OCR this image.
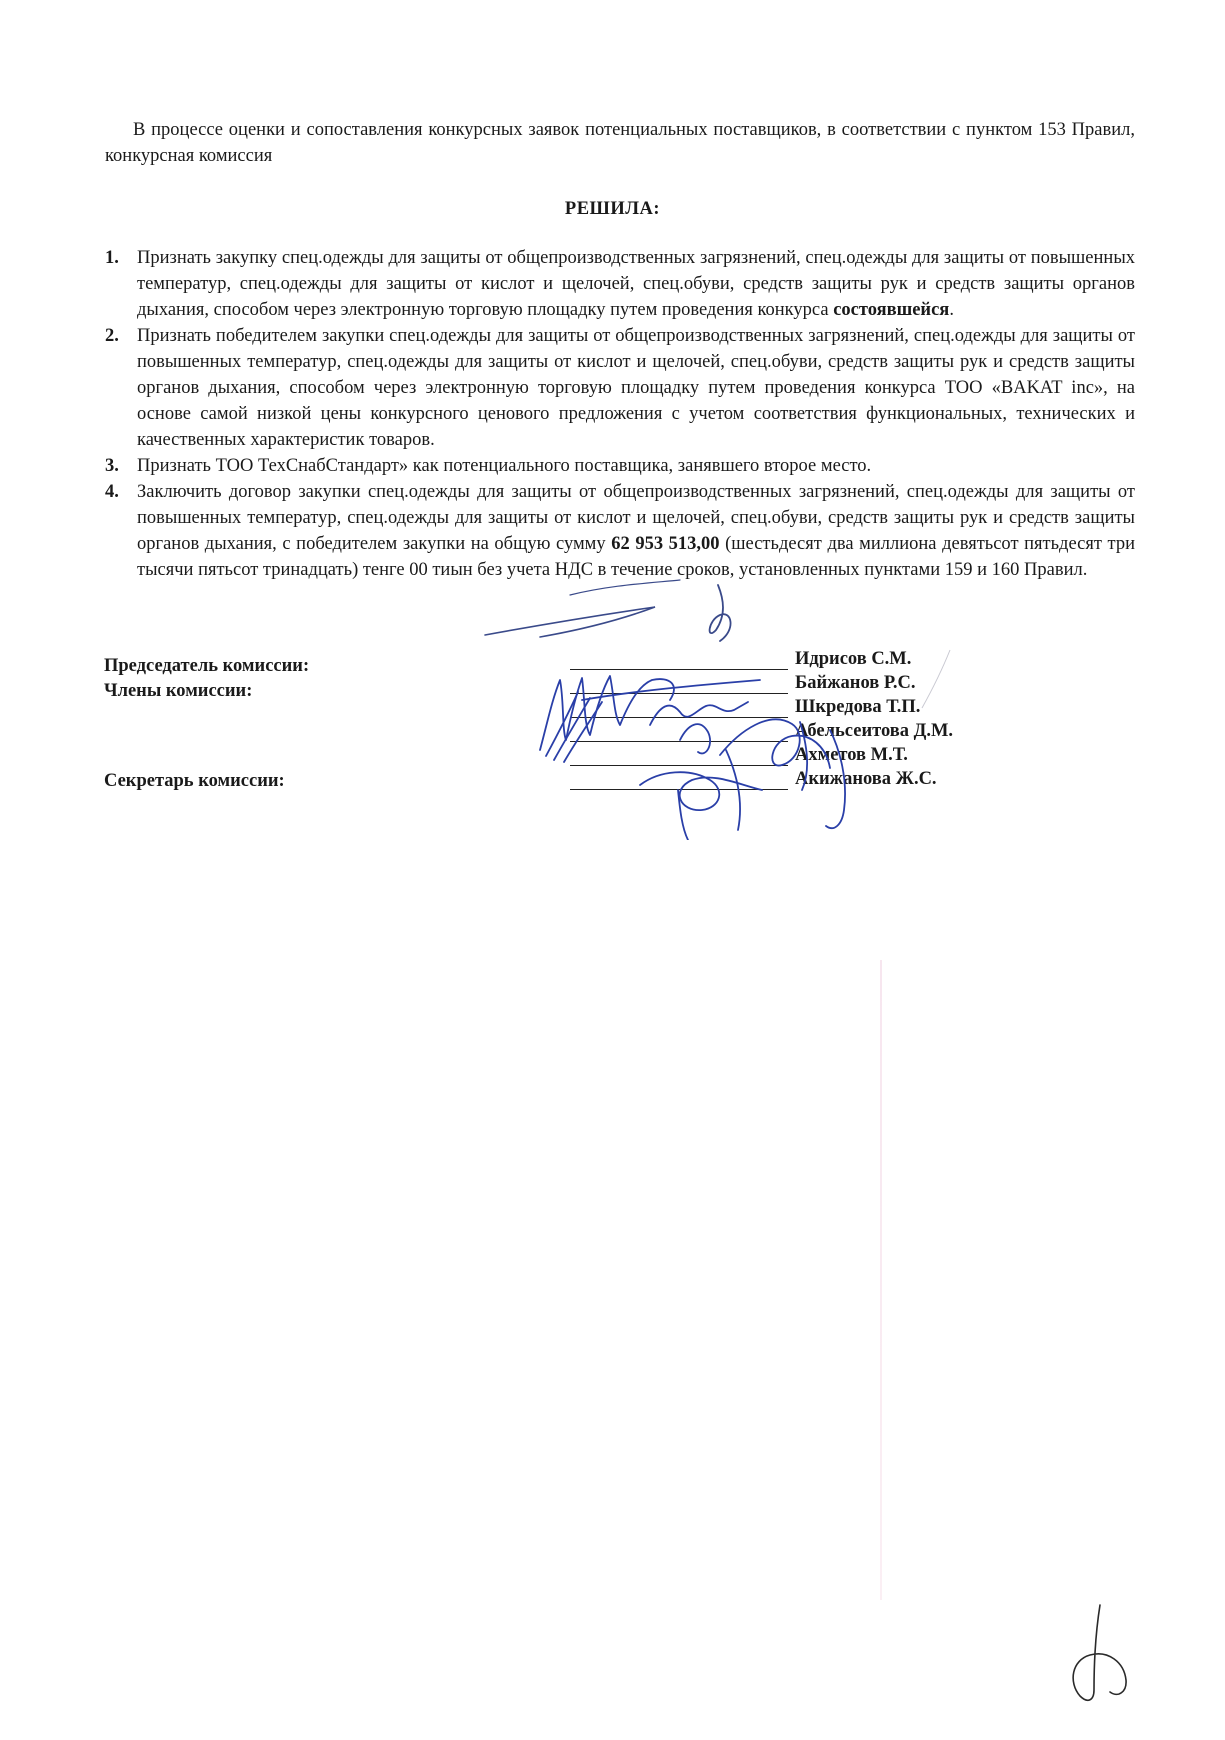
В процессе оценки и сопоставления конкурсных заявок потенциальных поставщиков, в соответствии с пунктом 153 Правил, конкурсная комиссия

РЕШИЛА:

1. Признать закупку спец.одежды для защиты от общепроизводственных загрязнений, спец.одежды для защиты от повышенных температур, спец.одежды для защиты от кислот и щелочей, спец.обуви, средств защиты рук и средств защиты органов дыхания, способом через электронную торговую площадку путем проведения конкурса состоявшейся.
2. Признать победителем закупки спец.одежды для защиты от общепроизводственных загрязнений, спец.одежды для защиты от повышенных температур, спец.одежды для защиты от кислот и щелочей, спец.обуви, средств защиты рук и средств защиты органов дыхания, способом через электронную торговую площадку путем проведения конкурса ТОО «BAKAT inc», на основе самой низкой цены конкурсного ценового предложения с учетом соответствия функциональных, технических и качественных характеристик товаров.
3. Признать ТОО ТехСнабСтандарт» как потенциального поставщика, занявшего второе место.
4. Заключить договор закупки спец.одежды для защиты от общепроизводственных загрязнений, спец.одежды для защиты от повышенных температур, спец.одежды для защиты от кислот и щелочей, спец.обуви, средств защиты рук и средств защиты органов дыхания, с победителем закупки на общую сумму 62 953 513,00 (шестьдесят два миллиона девятьсот пятьдесят три тысячи пятьсот тринадцать) тенге 00 тиын без учета НДС в течение сроков, установленных пунктами 159 и 160 Правил.

Председатель комиссии:

Члены комиссии:

Секретарь комиссии:

Идрисов С.М.

Байжанов Р.С.

Шкредова Т.П.

Абельсеитова Д.М.

Ахметов М.Т.

Акижанова Ж.С.
